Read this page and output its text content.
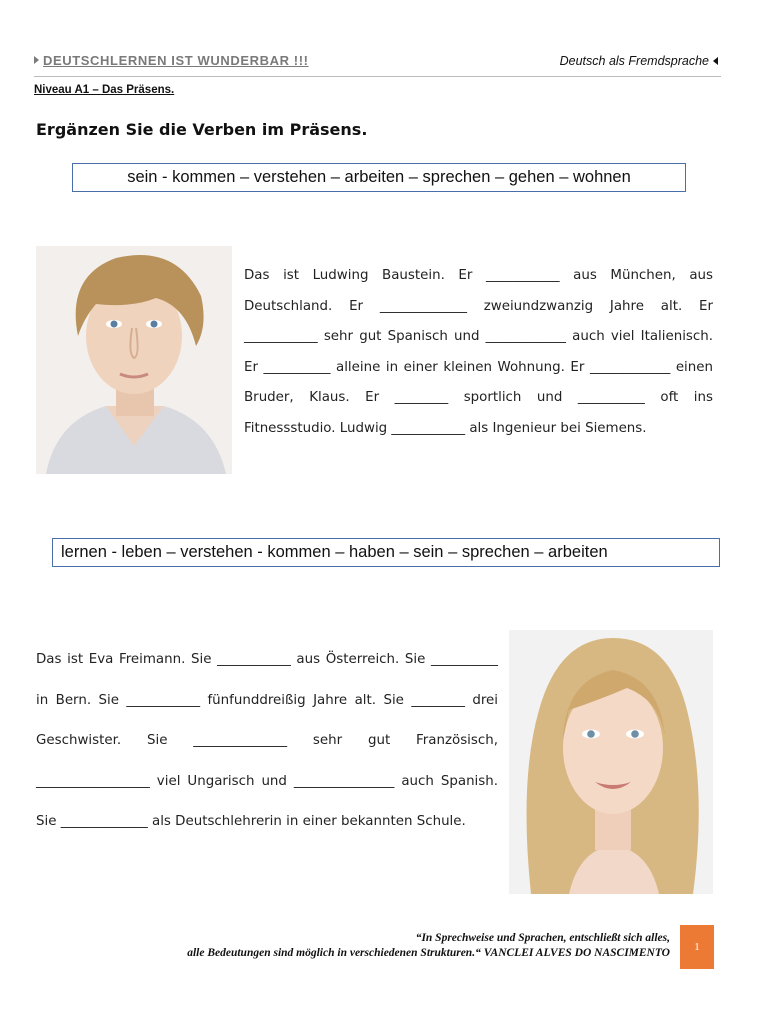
DEUTSCHLERNEN IST WUNDERBAR !!!	Deutsch als Fremdsprache
Niveau A1 – Das Präsens.
Ergänzen Sie die Verben im Präsens.
sein - kommen – verstehen – arbeiten – sprechen – gehen – wohnen
Das ist Ludwing Baustein. Er ___________ aus München, aus Deutschland. Er _____________ zweiundzwanzig Jahre alt. Er ___________ sehr gut Spanisch und ____________ auch viel Italienisch. Er __________ alleine in einer kleinen Wohnung. Er ____________ einen Bruder, Klaus. Er ________ sportlich und __________ oft ins Fitnessstudio. Ludwig ___________ als Ingenieur bei Siemens.
lernen - leben – verstehen - kommen – haben – sein – sprechen – arbeiten
Das ist Eva Freimann. Sie ___________ aus Österreich. Sie __________ in Bern. Sie ___________ fünfunddreißig Jahre alt. Sie ________ drei Geschwister. Sie ______________ sehr gut Französisch, _________________ viel Ungarisch und _______________ auch Spanish. Sie _____________ als Deutschlehrerin in einer bekannten Schule.
“In Sprechweise und Sprachen, entschließt sich alles,
alle Bedeutungen sind möglich in verschiedenen Strukturen.“ VANCLEI ALVES DO NASCIMENTO 1
